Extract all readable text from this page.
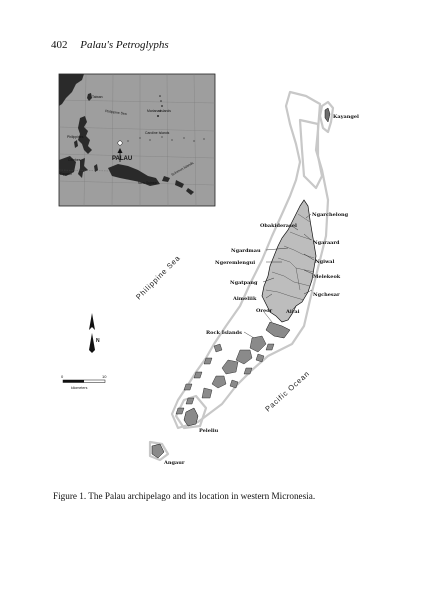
402 Palau's Petroglyphs
Taiwan
Philippine Sea	Mariana Islands
Philippines
Caroline Islands
Celebes	PALAU
Equator
New Guinea
Solomon Islands
Kayangel
Ngarchelong
Ngaraard
Ngiwal
Melekeok
Ngchesar
Obakiderasel
Ngardmau
Ngeremlengui
Ngatpang
Aimeliik
Airai
Oreor
Rock Islands
Peleliu
Angaur
Philippine Sea
Pacific Ocean
N
0	10
kilometers
Figure 1. The Palau archipelago and its location in western Micronesia.
